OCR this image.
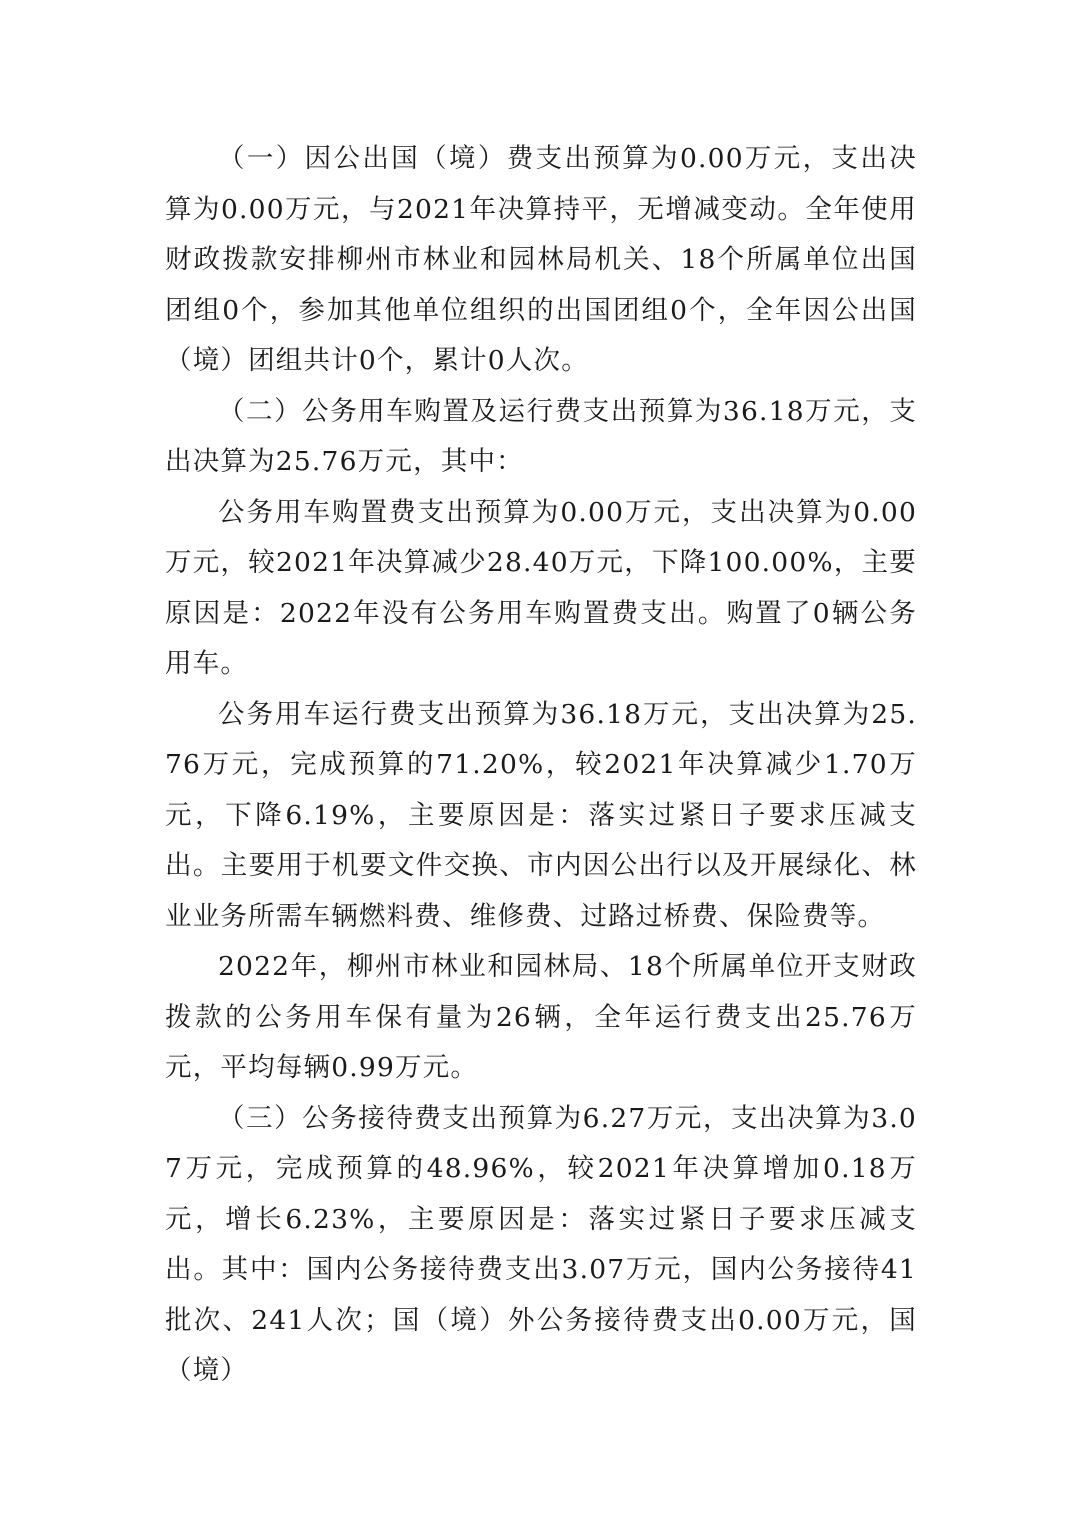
（一）因公出国（境）费支出预算为0.00万元，支出决算为0.00万元，与2021年决算持平，无增减变动。全年使用财政拨款安排柳州市林业和园林局机关、18个所属单位出国团组0个，参加其他单位组织的出国团组0个，全年因公出国（境）团组共计0个，累计0人次。

（二）公务用车购置及运行费支出预算为36.18万元，支出决算为25.76万元，其中：

公务用车购置费支出预算为0.00万元，支出决算为0.00万元，较2021年决算减少28.40万元，下降100.00%，主要原因是：2022年没有公务用车购置费支出。购置了0辆公务用车。

公务用车运行费支出预算为36.18万元，支出决算为25.76万元，完成预算的71.20%，较2021年决算减少1.70万元，下降6.19%，主要原因是：落实过紧日子要求压减支出。主要用于机要文件交换、市内因公出行以及开展绿化、林业业务所需车辆燃料费、维修费、过路过桥费、保险费等。

2022年，柳州市林业和园林局、18个所属单位开支财政拨款的公务用车保有量为26辆，全年运行费支出25.76万元，平均每辆0.99万元。

（三）公务接待费支出预算为6.27万元，支出决算为3.07万元，完成预算的48.96%，较2021年决算增加0.18万元，增长6.23%，主要原因是：落实过紧日子要求压减支出。其中：国内公务接待费支出3.07万元，国内公务接待41批次、241人次；国（境）外公务接待费支出0.00万元，国（境）
